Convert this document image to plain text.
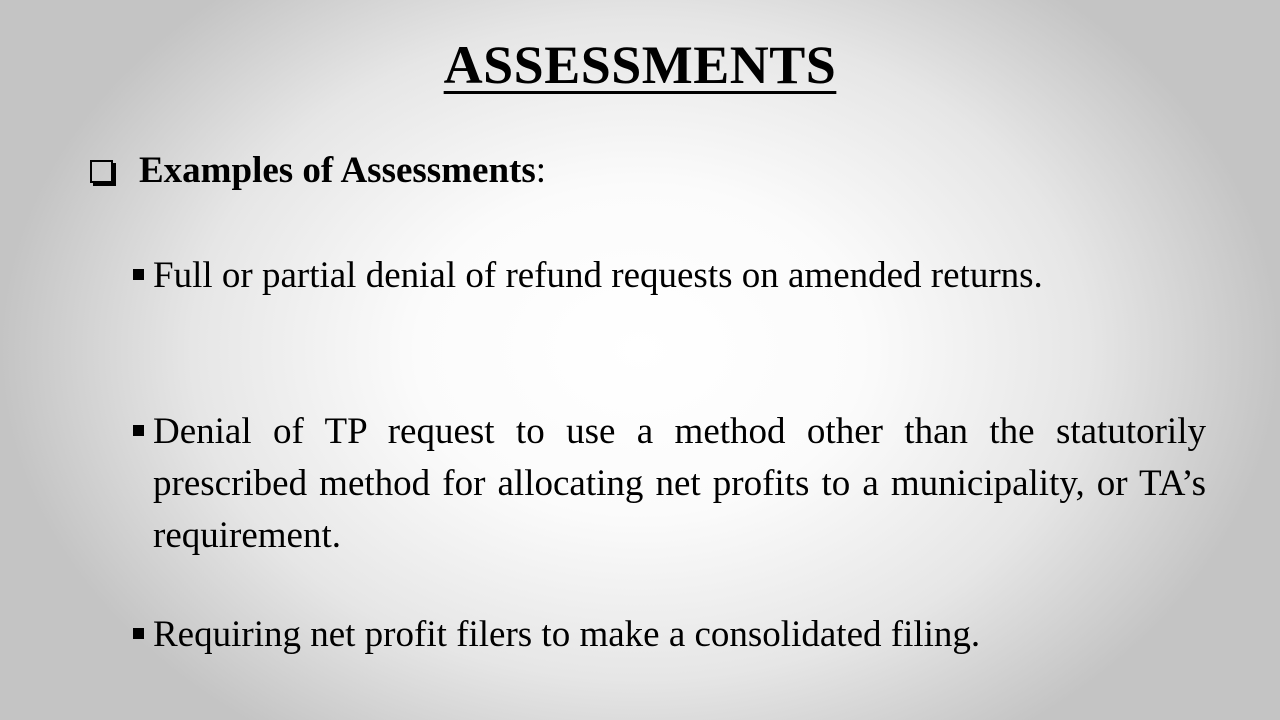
ASSESSMENTS
Examples of Assessments:
Full or partial denial of refund requests on amended returns.
Denial of TP request to use a method other than the statutorily prescribed method for allocating net profits to a municipality, or TA’s requirement.
Requiring net profit filers to make a consolidated filing.
